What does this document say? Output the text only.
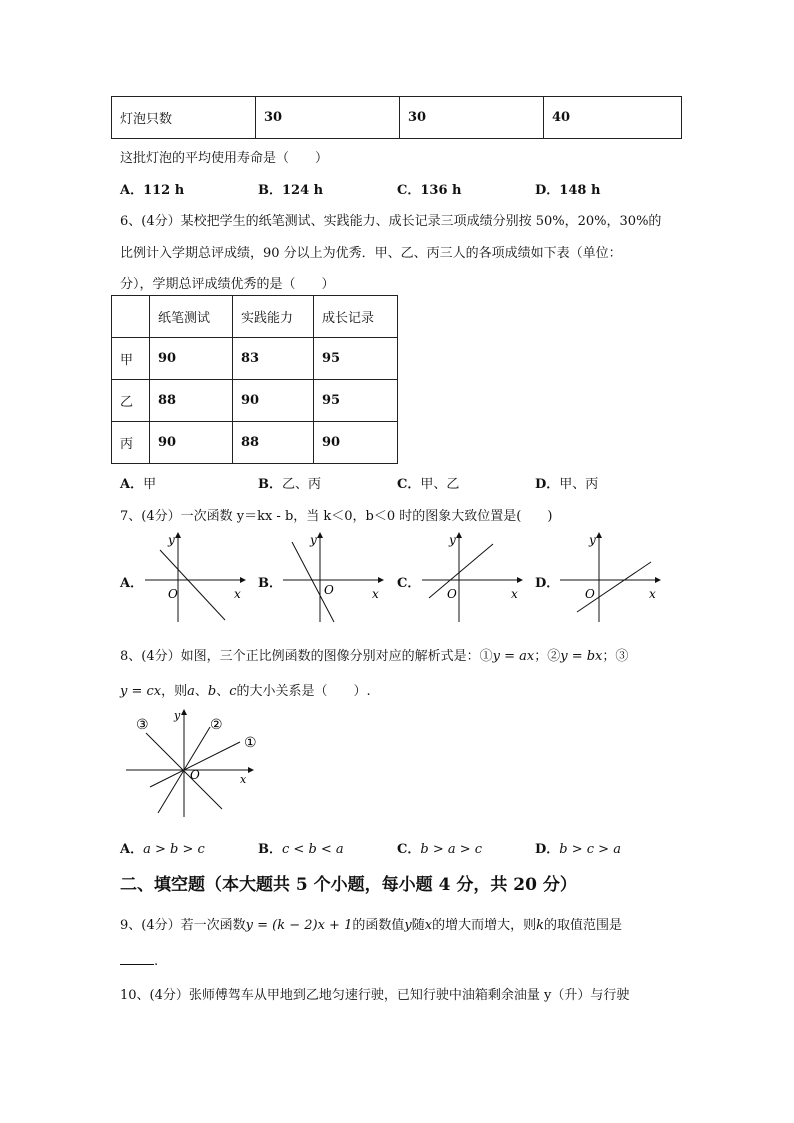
灯泡只数	30	30	40
这批灯泡的平均使用寿命是（　　）
A．112 h	B．124 h	C．136 h	D．148 h
6、(4分）某校把学生的纸笔测试、实践能力、成长记录三项成绩分别按 50%，20%，30%的
比例计入学期总评成绩，90 分以上为优秀．甲、乙、丙三人的各项成绩如下表（单位：
分），学期总评成绩优秀的是（　　）
	纸笔测试	实践能力	成长记录
甲	90	83	95
乙	88	90	95
丙	90	88	90
A．甲	B．乙、丙	C．甲、乙	D．甲、丙
7、(4分）一次函数 y＝kx - b，当 k＜0，b＜0 时的图象大致位置是(　　)
A．
y
x
O
B．
y
x
O	C．
y
x
O
D．
y
x
O
8、(4分）如图，三个正比例函数的图像分别对应的解析式是：①y = ax；②y = bx；③
y = cx，则a、b、c的大小关系是（　　）.
①
②
③
y
x
O
A．a > b > c	B．c < b < a	C．b > a > c	D．b > c > a
二、填空题（本大题共 5 个小题，每小题 4 分，共 20 分）
9、(4分）若一次函数y = (k − 2)x + 1的函数值y随x的增大而增大，则k的取值范围是
.
10、(4分）张师傅驾车从甲地到乙地匀速行驶，已知行驶中油箱剩余油量 y（升）与行驶
